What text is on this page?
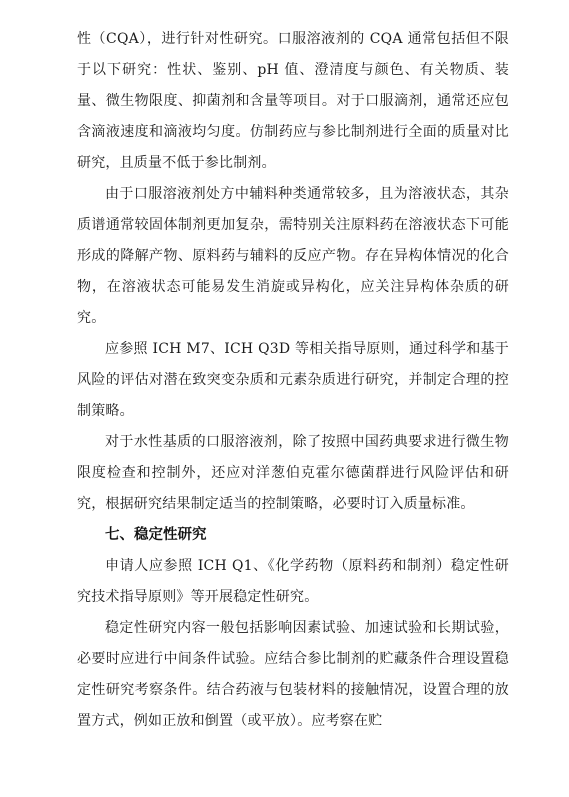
性（CQA），进行针对性研究。口服溶液剂的 CQA 通常包括但不限于以下研究：性状、鉴别、pH 值、澄清度与颜色、有关物质、装量、微生物限度、抑菌剂和含量等项目。对于口服滴剂，通常还应包含滴液速度和滴液均匀度。仿制药应与参比制剂进行全面的质量对比研究，且质量不低于参比制剂。

由于口服溶液剂处方中辅料种类通常较多，且为溶液状态，其杂质谱通常较固体制剂更加复杂，需特别关注原料药在溶液状态下可能形成的降解产物、原料药与辅料的反应产物。存在异构体情况的化合物，在溶液状态可能易发生消旋或异构化，应关注异构体杂质的研究。

应参照 ICH M7、ICH Q3D 等相关指导原则，通过科学和基于风险的评估对潜在致突变杂质和元素杂质进行研究，并制定合理的控制策略。

对于水性基质的口服溶液剂，除了按照中国药典要求进行微生物限度检查和控制外，还应对洋葱伯克霍尔德菌群进行风险评估和研究，根据研究结果制定适当的控制策略，必要时订入质量标准。

七、稳定性研究

申请人应参照 ICH Q1、《化学药物（原料药和制剂）稳定性研究技术指导原则》等开展稳定性研究。

稳定性研究内容一般包括影响因素试验、加速试验和长期试验，必要时应进行中间条件试验。应结合参比制剂的贮藏条件合理设置稳定性研究考察条件。结合药液与包装材料的接触情况，设置合理的放置方式，例如正放和倒置（或平放）。应考察在贮
